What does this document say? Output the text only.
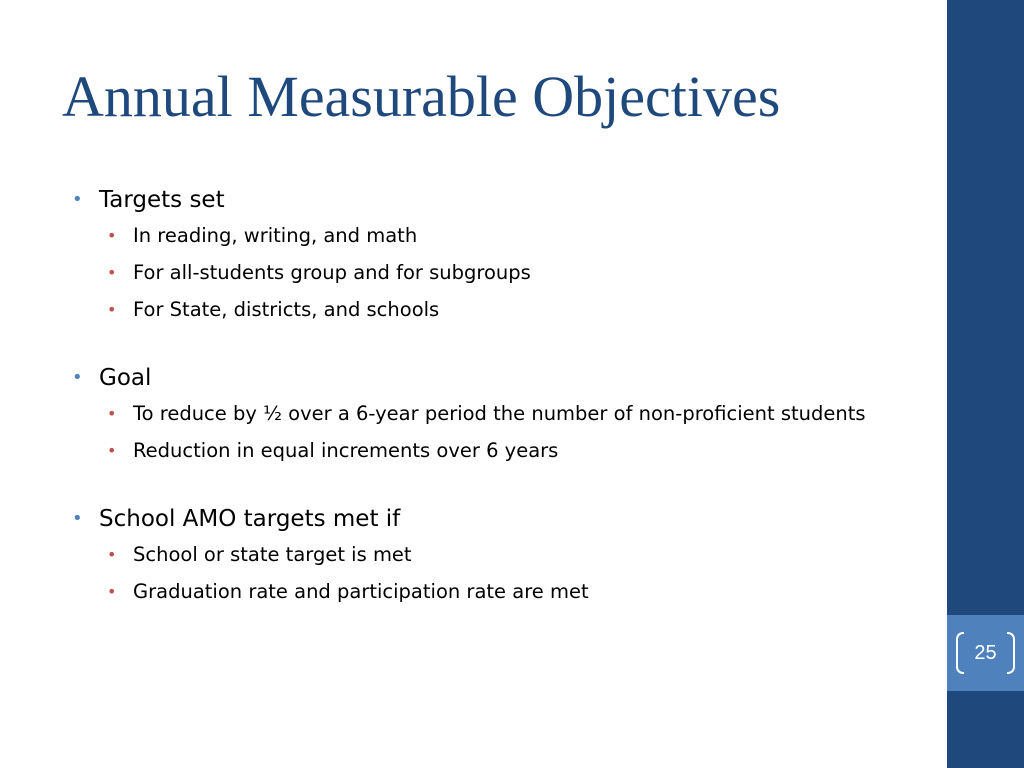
25
Annual Measurable Objectives
• Targets set
• In reading, writing, and math
• For all-students group and for subgroups
• For State, districts, and schools
• Goal
• To reduce by ½ over a 6-year period the number of non-proficient students
• Reduction in equal increments over 6 years
• School AMO targets met if
• School or state target is met
• Graduation rate and participation rate are met
